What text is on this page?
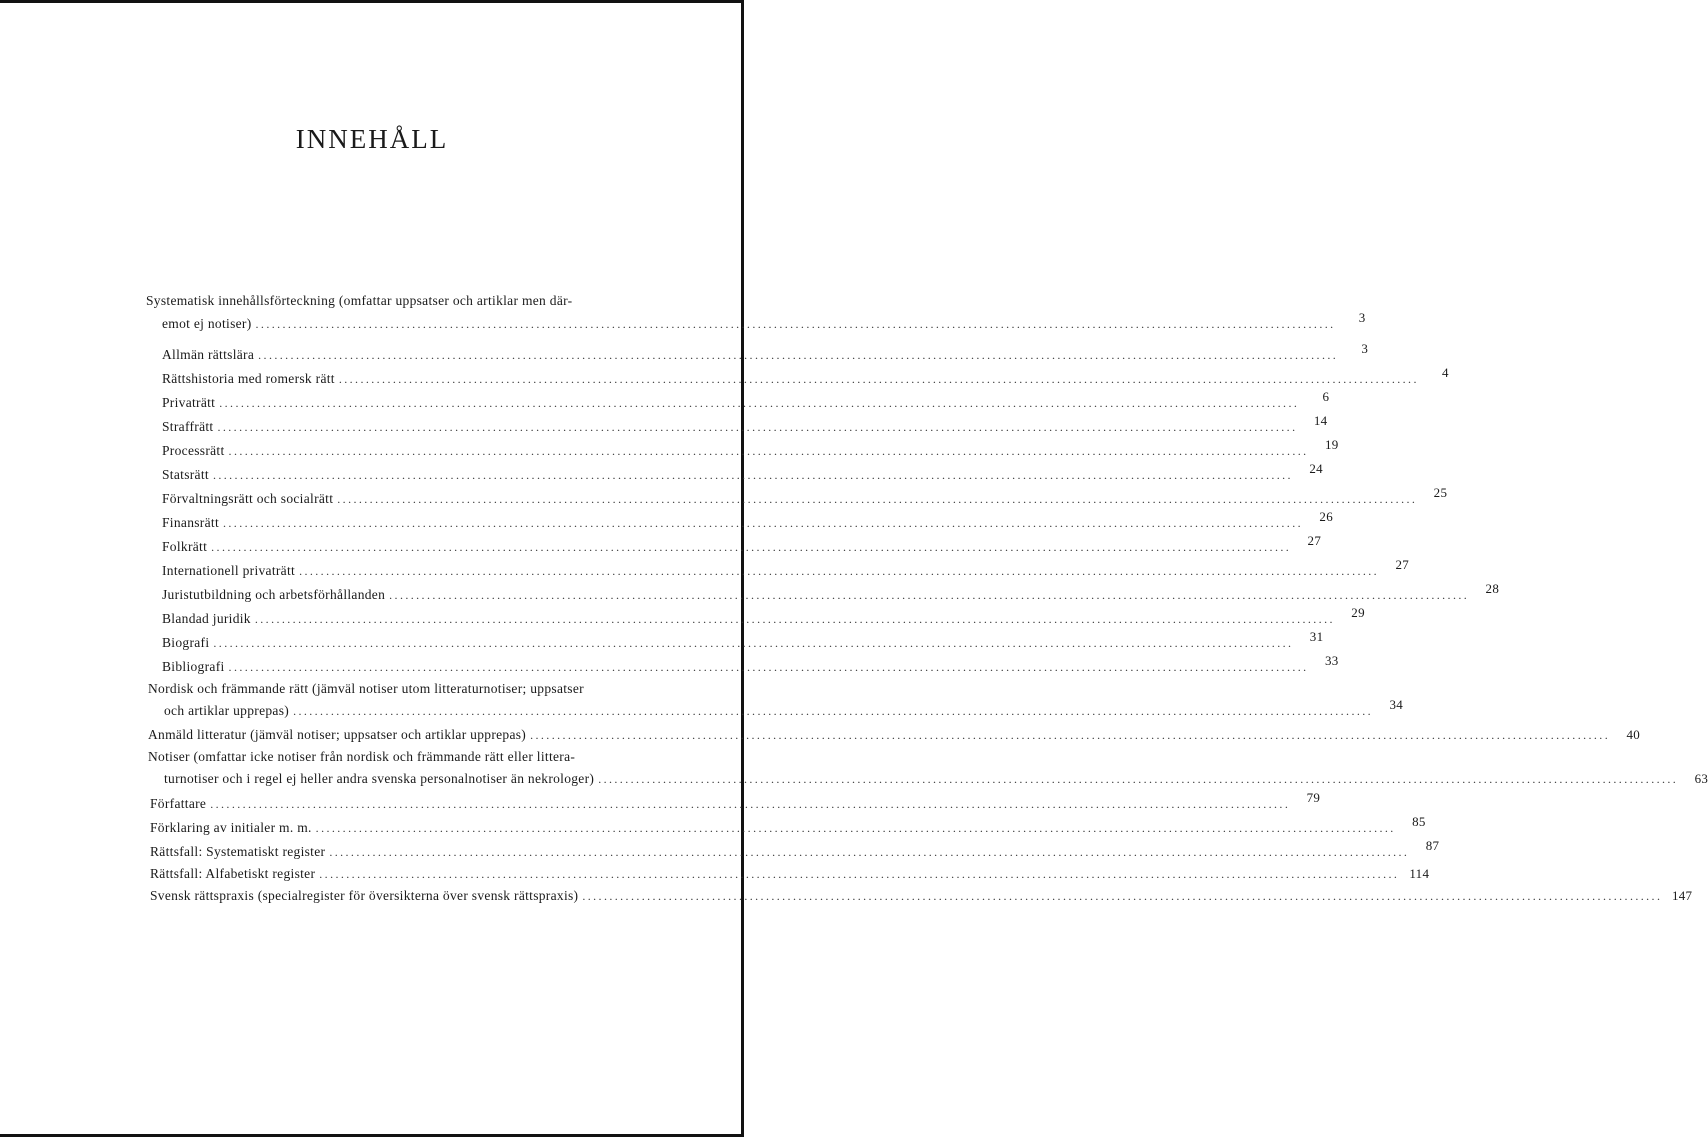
INNEHÅLL
Systematisk innehållsförteckning (omfattar uppsatser och artiklar men där-
emot ej notiser) ........................................................................................................................................................................................................	3
Allmän rättslära ........................................................................................................................................................................................................	3
Rättshistoria med romersk rätt ........................................................................................................................................................................................................	4
Privaträtt ........................................................................................................................................................................................................	6
Straffrätt ........................................................................................................................................................................................................	14
Processrätt ........................................................................................................................................................................................................	19
Statsrätt ........................................................................................................................................................................................................	24
Förvaltningsrätt och socialrätt ........................................................................................................................................................................................................	25
Finansrätt ........................................................................................................................................................................................................	26
Folkrätt ........................................................................................................................................................................................................	27
Internationell privaträtt ........................................................................................................................................................................................................	27
Juristutbildning och arbetsförhållanden ........................................................................................................................................................................................................	28
Blandad juridik ........................................................................................................................................................................................................	29
Biografi ........................................................................................................................................................................................................	31
Bibliografi ........................................................................................................................................................................................................	33
Nordisk och främmande rätt (jämväl notiser utom litteraturnotiser; uppsatser
och artiklar upprepas) ........................................................................................................................................................................................................	34
Anmäld litteratur (jämväl notiser; uppsatser och artiklar upprepas) ........................................................................................................................................................................................................	40
Notiser (omfattar icke notiser från nordisk och främmande rätt eller littera-
turnotiser och i regel ej heller andra svenska personalnotiser än nekrologer) ........................................................................................................................................................................................................	63
Författare ........................................................................................................................................................................................................	79
Förklaring av initialer m. m. ........................................................................................................................................................................................................	85
Rättsfall: Systematiskt register ........................................................................................................................................................................................................	87
Rättsfall: Alfabetiskt register ........................................................................................................................................................................................................ 114
Svensk rättspraxis (specialregister för översikterna över svensk rättspraxis) ........................................................................................................................................................................................................ 147
